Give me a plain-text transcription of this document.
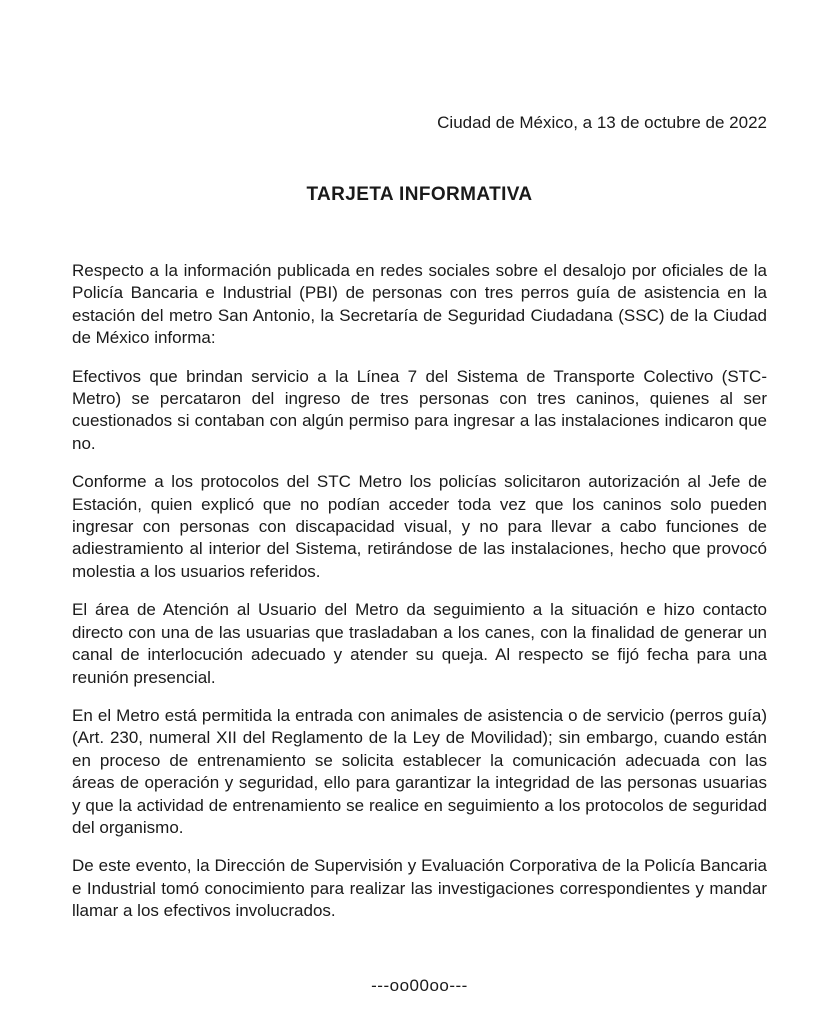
Ciudad de México, a 13 de octubre de 2022

TARJETA INFORMATIVA

Respecto a la información publicada en redes sociales sobre el desalojo por oficiales de la Policía Bancaria e Industrial (PBI) de personas con tres perros guía de asistencia en la estación del metro San Antonio, la Secretaría de Seguridad Ciudadana (SSC) de la Ciudad de México informa:

Efectivos que brindan servicio a la Línea 7 del Sistema de Transporte Colectivo (STC-Metro) se percataron del ingreso de tres personas con tres caninos, quienes al ser cuestionados si contaban con algún permiso para ingresar a las instalaciones indicaron que no.

Conforme a los protocolos del STC Metro los policías solicitaron autorización al Jefe de Estación, quien explicó que no podían acceder toda vez que los caninos solo pueden ingresar con personas con discapacidad visual, y no para llevar a cabo funciones de adiestramiento al interior del Sistema, retirándose de las instalaciones, hecho que provocó molestia a los usuarios referidos.

El área de Atención al Usuario del Metro da seguimiento a la situación e hizo contacto directo con una de las usuarias que trasladaban a los canes, con la finalidad de generar un canal de interlocución adecuado y atender su queja. Al respecto se fijó fecha para una reunión presencial.

En el Metro está permitida la entrada con animales de asistencia o de servicio (perros guía)(Art. 230, numeral XII del Reglamento de la Ley de Movilidad); sin embargo, cuando están en proceso de entrenamiento se solicita establecer la comunicación adecuada con las áreas de operación y seguridad, ello para garantizar la integridad de las personas usuarias y que la actividad de entrenamiento se realice en seguimiento a los protocolos de seguridad del organismo.

De este evento, la Dirección de Supervisión y Evaluación Corporativa de la Policía Bancaria e Industrial tomó conocimiento para realizar las investigaciones correspondientes y mandar llamar a los efectivos involucrados.

---oo00oo---
